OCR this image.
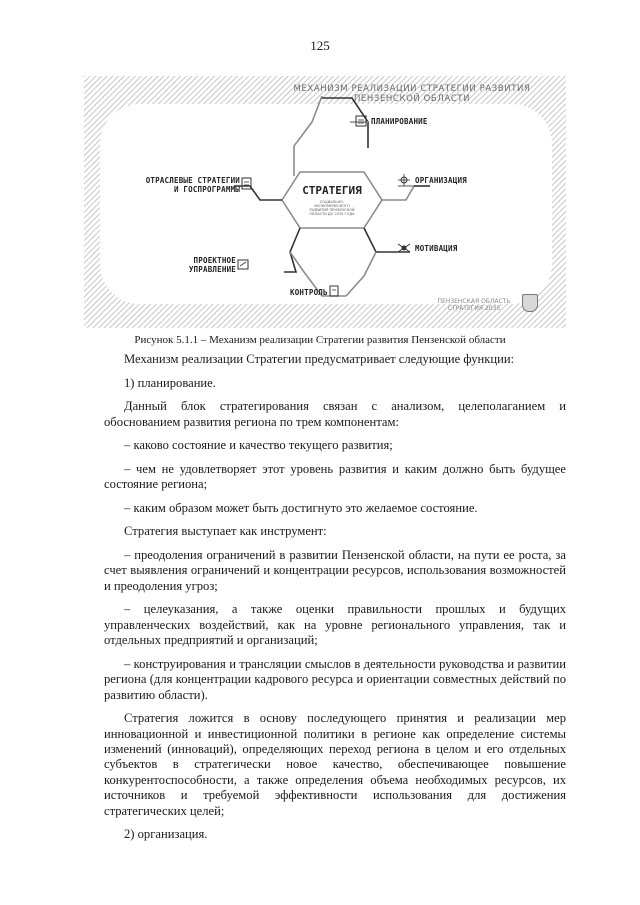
125
МЕХАНИЗМ РЕАЛИЗАЦИИ СТРАТЕГИИ РАЗВИТИЯ
ПЕНЗЕНСКОЙ ОБЛАСТИ
СТРАТЕГИЯ
СОЦИАЛЬНО-ЭКОНОМИЧЕСКОГО РАЗВИТИЯ ПЕНЗЕНСКОЙ ОБЛАСТИ ДО 2035 ГОДА
ПЛАНИРОВАНИЕ
ОРГАНИЗАЦИЯ
МОТИВАЦИЯ
КОНТРОЛЬ
ПРОЕКТНОЕ
УПРАВЛЕНИЕ
ОТРАСЛЕВЫЕ СТРАТЕГИИ
И ГОСПРОГРАММЫ
ПЕНЗЕНСКАЯ ОБЛАСТЬ
СТРАТЕГИЯ 2035
Рисунок 5.1.1 – Механизм реализации Стратегии развития Пензенской области

Механизм реализации Стратегии предусматривает следующие функции:

1) планирование.

Данный блок стратегирования связан с анализом, целеполаганием и обоснованием развития региона по трем компонентам:

– каково состояние и качество текущего развития;

– чем не удовлетворяет этот уровень развития и каким должно быть будущее состояние региона;

– каким образом может быть достигнуто это желаемое состояние.

Стратегия выступает как инструмент:

– преодоления ограничений в развитии Пензенской области, на пути ее роста, за счет выявления ограничений и концентрации ресурсов, использования возможностей и преодоления угроз;

– целеуказания, а также оценки правильности прошлых и будущих управленческих воздействий, как на уровне регионального управления, так и отдельных предприятий и организаций;

– конструирования и трансляции смыслов в деятельности руководства и развитии региона (для концентрации кадрового ресурса и ориентации совместных действий по развитию области).

Стратегия ложится в основу последующего принятия и реализации мер инновационной и инвестиционной политики в регионе как определение системы изменений (инноваций), определяющих переход региона в целом и его отдельных субъектов в стратегически новое качество, обеспечивающее повышение конкурентоспособности, а также определения объема необходимых ресурсов, их источников и требуемой эффективности использования для достижения стратегических целей;

2) организация.
